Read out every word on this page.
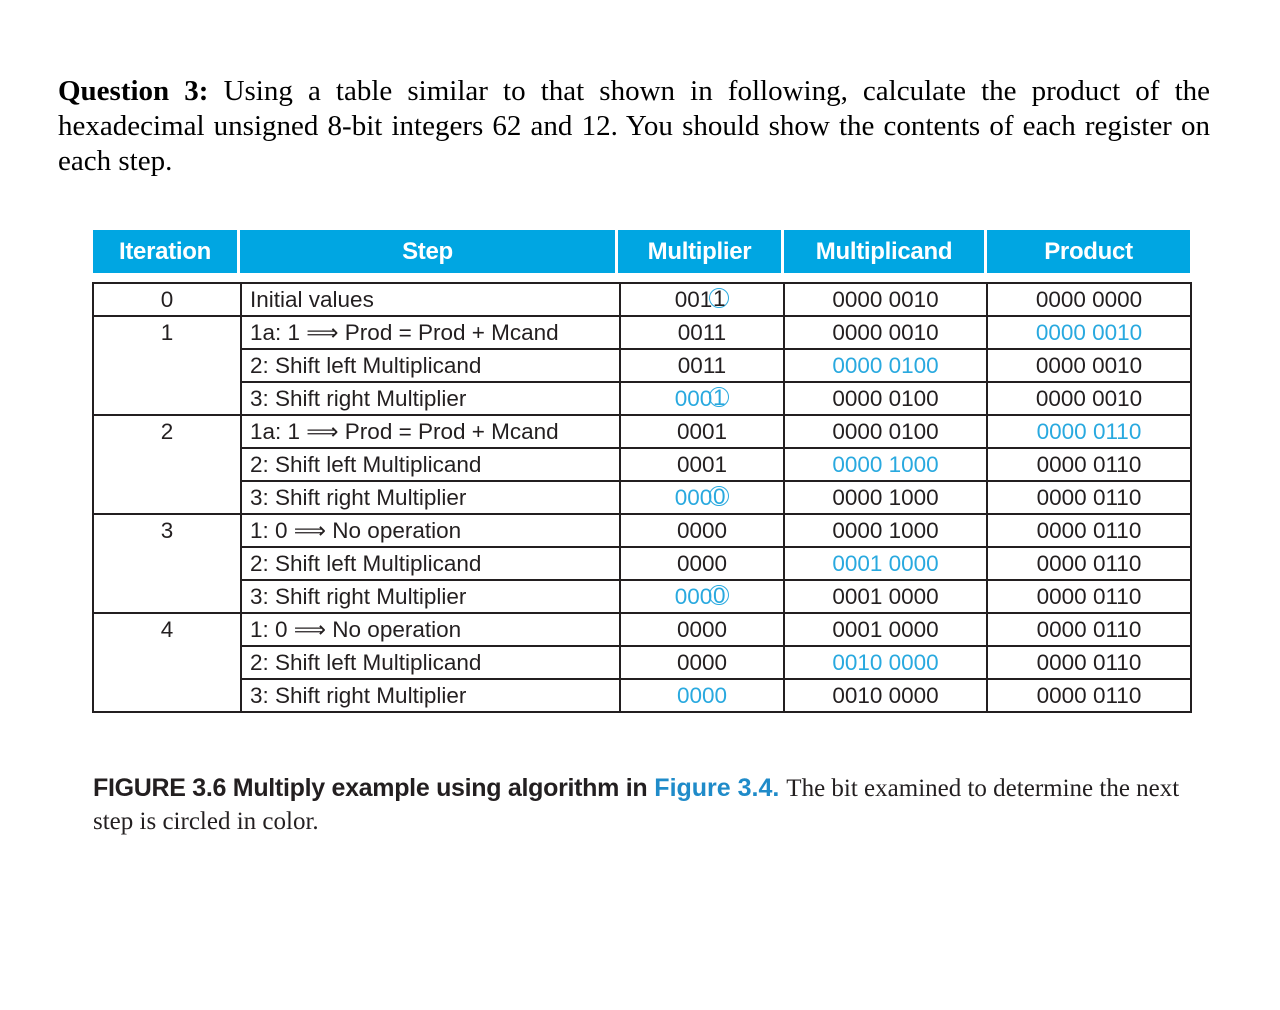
Question 3: Using a table similar to that shown in following, calculate the product of the hexadecimal unsigned 8-bit integers 62 and 12. You should show the contents of each register on each step.

Iteration	Step	Multiplier	Multiplicand	Product
0	Initial values	0011	0000 0010	0000 0000
1	1a: 1 ⟹ Prod = Prod + Mcand	0011	0000 0010	0000 0010
	2: Shift left Multiplicand	0011	0000 0100	0000 0010
	3: Shift right Multiplier	0001	0000 0100	0000 0010
2	1a: 1 ⟹ Prod = Prod + Mcand	0001	0000 0100	0000 0110
	2: Shift left Multiplicand	0001	0000 1000	0000 0110
	3: Shift right Multiplier	0000	0000 1000	0000 0110
3	1: 0 ⟹ No operation	0000	0000 1000	0000 0110
	2: Shift left Multiplicand	0000	0001 0000	0000 0110
	3: Shift right Multiplier	0000	0001 0000	0000 0110
4	1: 0 ⟹ No operation	0000	0001 0000	0000 0110
	2: Shift left Multiplicand	0000	0010 0000	0000 0110
	3: Shift right Multiplier	0000	0010 0000	0000 0110

FIGURE 3.6 Multiply example using algorithm in Figure 3.4. The bit examined to determine the next step is circled in color.
